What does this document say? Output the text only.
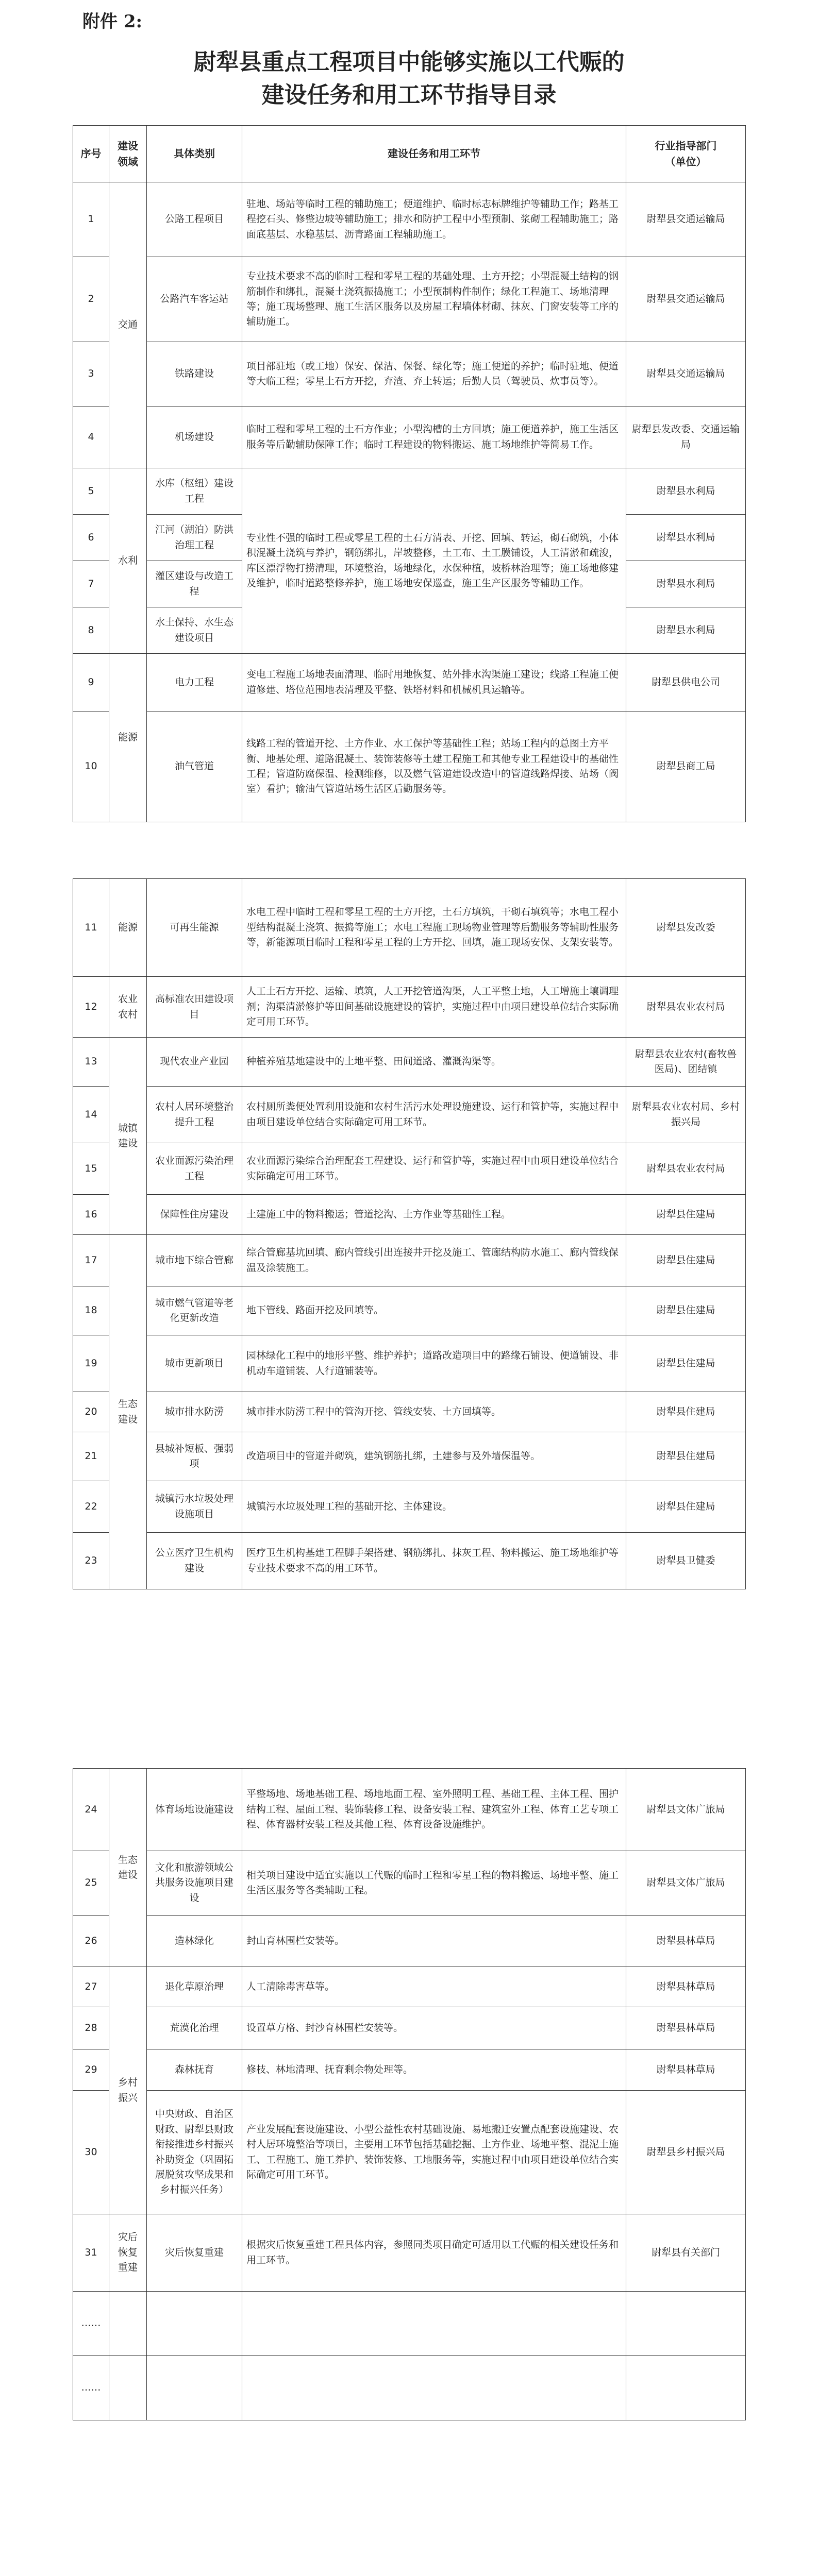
附件 2:
尉犁县重点工程项目中能够实施以工代赈的
建设任务和用工环节指导目录
序号	建设领域	具体类别	建设任务和用工环节	行业指导部门
（单位）

1	交通	公路工程项目	驻地、场站等临时工程的辅助施工；便道维护、临时标志标牌维护等辅助工作；路基工程挖石头、修整边坡等辅助施工；排水和防护工程中小型预制、浆砌工程辅助施工；路面底基层、水稳基层、沥青路面工程辅助施工。	尉犁县交通运输局
2		公路汽车客运站	专业技术要求不高的临时工程和零星工程的基础处理、土方开挖；小型混凝土结构的钢筋制作和绑扎，混凝土浇筑振捣施工；小型预制构件制作；绿化工程施工、场地清理等；施工现场整理、施工生活区服务以及房屋工程墙体材砌、抹灰、门窗安装等工序的辅助施工。	尉犁县交通运输局
3		铁路建设	项目部驻地（或工地）保安、保洁、保餐、绿化等；施工便道的养护；临时驻地、便道等大临工程；零星土石方开挖，弃渣、弃土转运；后勤人员（驾驶员、炊事员等）。	尉犁县交通运输局
4		机场建设	临时工程和零星工程的土石方作业；小型沟槽的土方回填；施工便道养护，施工生活区服务等后勤辅助保障工作；临时工程建设的物料搬运、施工场地维护等简易工作。	尉犁县发改委、交通运输局
5	水利	水库（枢纽）建设工程	专业性不强的临时工程或零星工程的土石方清表、开挖、回填、转运，砌石砌筑，小体积混凝土浇筑与养护，钢筋绑扎，岸坡整修，土工布、土工膜铺设，人工清淤和疏浚，库区漂浮物打捞清理，环境整治，场地绿化，水保种植，坡桥林治理等；施工场地修建及维护，临时道路整修养护，施工场地安保巡查，施工生产区服务等辅助工作。	尉犁县水利局
6		江河（湖泊）防洪治理工程		尉犁县水利局
7		灌区建设与改造工程		尉犁县水利局
8		水土保持、水生态建设项目		尉犁县水利局
9	能源	电力工程	变电工程施工场地表面清理、临时用地恢复、站外排水沟渠施工建设；线路工程施工便道修建、塔位范围地表清理及平整、铁塔材料和机械机具运输等。	尉犁县供电公司
10		油气管道	线路工程的管道开挖、土方作业、水工保护等基础性工程；站场工程内的总图土方平衡、地基处理、道路混凝土、装饰装修等土建工程施工和其他专业工程建设中的基础性工程；管道防腐保温、检测维修，以及燃气管道建设改造中的管道线路焊接、站场（阀室）看护；输油气管道站场生活区后勤服务等。	尉犁县商工局
11	能源	可再生能源	水电工程中临时工程和零星工程的土方开挖，土石方填筑，干砌石填筑等；水电工程小型结构混凝土浇筑、振捣等施工；水电工程施工现场物业管理等后勤服务等辅助性服务等，新能源项目临时工程和零星工程的土方开挖、回填，施工现场安保、支架安装等。	尉犁县发改委
12	农业农村	高标准农田建设项目	人工土石方开挖、运输、填筑，人工开挖管道沟渠，人工平整土地，人工增施土壤调理剂；沟渠清淤修护等田间基础设施建设的管护，实施过程中由项目建设单位结合实际确定可用工环节。	尉犁县农业农村局
13	城镇建设	现代农业产业园	种植养殖基地建设中的土地平整、田间道路、灌溉沟渠等。	尉犁县农业农村(畜牧兽医局)、团结镇
14		农村人居环境整治提升工程	农村厕所粪便处置利用设施和农村生活污水处理设施建设、运行和管护等，实施过程中由项目建设单位结合实际确定可用工环节。	尉犁县农业农村局、乡村振兴局
15		农业面源污染治理工程	农业面源污染综合治理配套工程建设、运行和管护等，实施过程中由项目建设单位结合实际确定可用工环节。	尉犁县农业农村局
16		保障性住房建设	土建施工中的物料搬运；管道挖沟、土方作业等基础性工程。	尉犁县住建局
17	生态建设	城市地下综合管廊	综合管廊基坑回填、廊内管线引出连接井开挖及施工、管廊结构防水施工、廊内管线保温及涂装施工。	尉犁县住建局
18		城市燃气管道等老化更新改造	地下管线、路面开挖及回填等。	尉犁县住建局
19		城市更新项目	园林绿化工程中的地形平整、维护养护；道路改造项目中的路缘石铺设、便道铺设、非机动车道铺装、人行道铺装等。	尉犁县住建局
20		城市排水防涝	城市排水防涝工程中的管沟开挖、管线安装、土方回填等。	尉犁县住建局
21		县城补短板、强弱项	改造项目中的管道并砌筑，建筑钢筋扎绑，土建参与及外墙保温等。	尉犁县住建局
22		城镇污水垃圾处理设施项目	城镇污水垃圾处理工程的基础开挖、主体建设。	尉犁县住建局
23		公立医疗卫生机构建设	医疗卫生机构基建工程脚手架搭建、钢筋绑扎、抹灰工程、物料搬运、施工场地维护等专业技术要求不高的用工环节。	尉犁县卫健委
24	生态建设	体育场地设施建设	平整场地、场地基础工程、场地地面工程、室外照明工程、基础工程、主体工程、围护结构工程、屋面工程、装饰装修工程、设备安装工程、建筑室外工程、体育工艺专项工程、体育器材安装工程及其他工程、体育设备设施维护。	尉犁县文体广旅局
25		文化和旅游领域公共服务设施项目建设	相关项目建设中适宜实施以工代赈的临时工程和零星工程的物料搬运、场地平整、施工生活区服务等各类辅助工程。	尉犁县文体广旅局
26		造林绿化	封山育林围栏安装等。	尉犁县林草局
27	乡村振兴	退化草原治理	人工清除毒害草等。	尉犁县林草局
28		荒漠化治理	设置草方格、封沙育林围栏安装等。	尉犁县林草局
29		森林抚育	修枝、林地清理、抚育剩余物处理等。	尉犁县林草局
30		中央财政、自治区财政、尉犁县财政衔接推进乡村振兴补助资金（巩固拓展脱贫攻坚成果和乡村振兴任务）	产业发展配套设施建设、小型公益性农村基础设施、易地搬迁安置点配套设施建设、农村人居环境整治等项目，主要用工环节包括基础挖掘、土方作业、场地平整、混泥土施工、工程施工、施工养护、装饰装修、工地服务等，实施过程中由项目建设单位结合实际确定可用工环节。	尉犁县乡村振兴局
31	灾后恢复重建	灾后恢复重建	根据灾后恢复重建工程具体内容，参照同类项目确定可适用以工代赈的相关建设任务和用工环节。	尉犁县有关部门
……				
……				
